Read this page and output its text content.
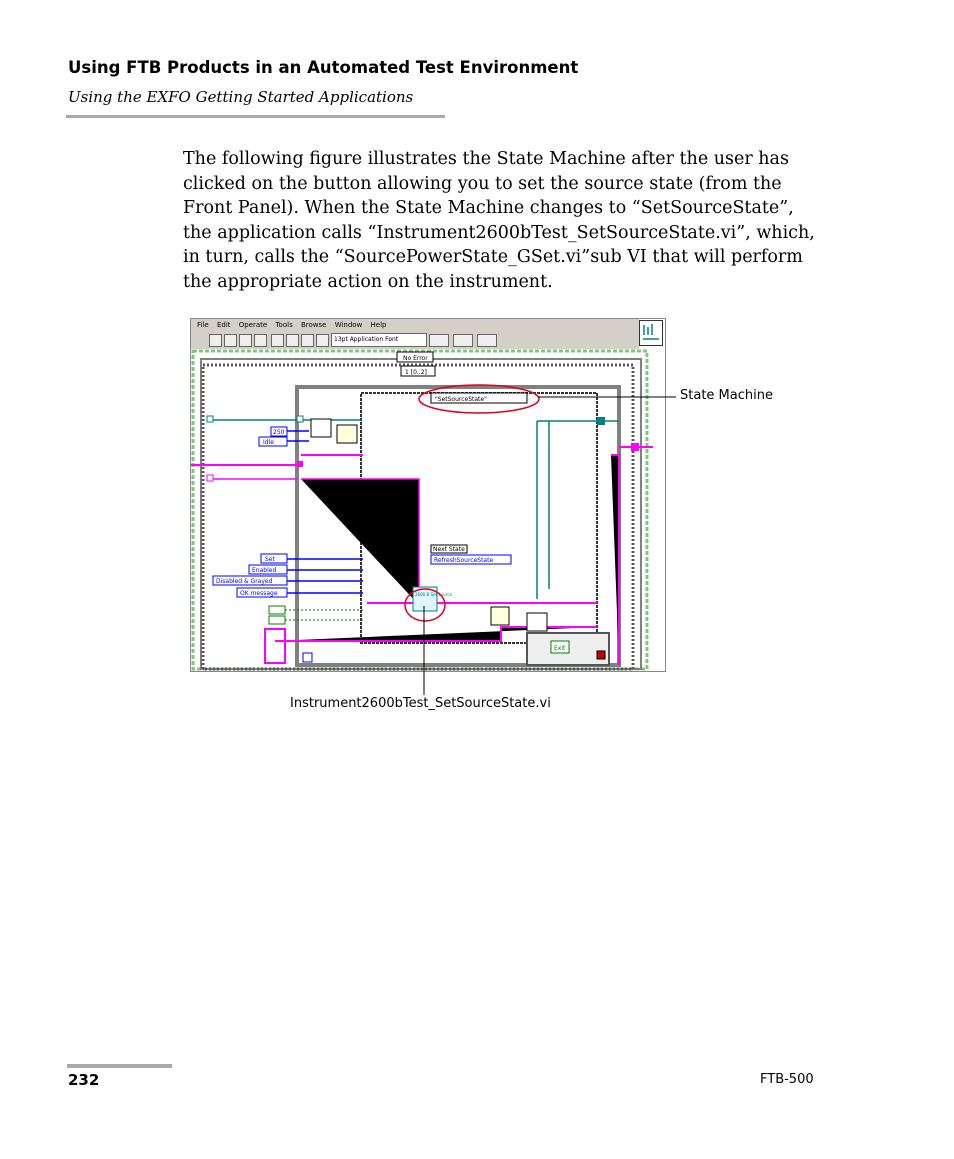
Using FTB Products in an Automated Test Environment
Using the EXFO Getting Started Applications

The following figure illustrates the State Machine after the user has clicked on the button allowing you to set the source state (from the Front Panel). When the State Machine changes to “SetSourceState”, the application calls “Instrument2600bTest_SetSourceState.vi”, which, in turn, calls the “SourcePowerState_GSet.vi”sub VI that will perform the appropriate action on the instrument.

File Edit Operate Tools Browse Window Help
13pt Application Font
No Error
1 [0..2]
"SetSourceState"
250
Idle
Set
Enabled
Disabled & Grayed
OK message
Next State
RefreshSourceState
2600 B Set Source
Exit
State Machine
Instrument2600bTest_SetSourceState.vi
232	FTB-500
